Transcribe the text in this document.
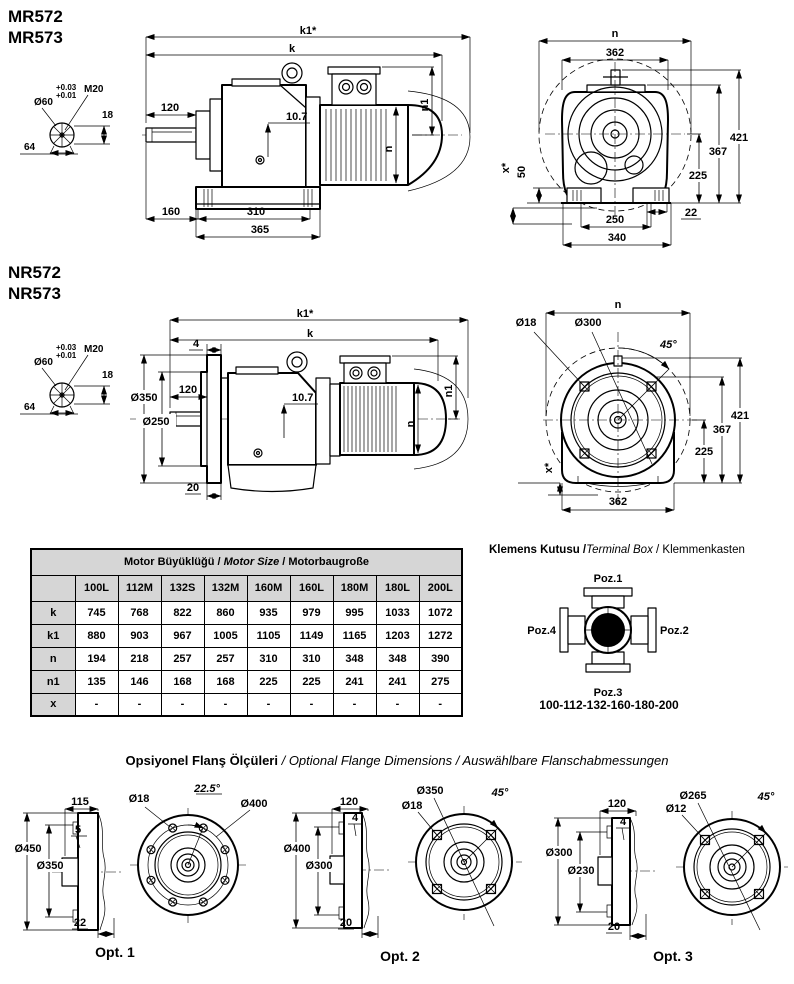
MR572
MR573
Ø60
+0.03
+0.01
M20
18
64
k1*
k
120
10.7
n
n1
160	310
365
n
362
421
367
225
50
x*
22
250
340
NR572
NR573
Ø60
+0.03
+0.01
M20
18
64
k1*
k
4
Ø350
Ø250
120
10.7
n
n1
20
n
Ø18	Ø300
45°
421
367
225
x*
362
Motor Büyüklüğü / Motor Size / Motorbaugroße									
	100L	112M	132S	132M	160M	160L	180M	180L	200L
k	745	768	822	860	935	979	995	1033	1072
k1	880	903	967	1005	1105	1149	1165	1203	1272
n	194	218	257	257	310	310	348	348	390
n1	135	146	168	168	225	225	241	241	275
x	-	-	-	-	-	-	-	-	-
Klemens Kutusu /Terminal Box / Klemmenkasten
Poz.1
Poz.2
Poz.3
Poz.4
100-112-132-160-180-200
Opsiyonel Flanş Ölçüleri / Optional Flange Dimensions / Auswählbare Flanschabmessungen
115
5
Ø450
Ø350
22
Ø18
22.5°
Ø400
Opt. 1
120
4
Ø400
Ø300
20
Ø350
Ø18
45°
Opt. 2
120
4
Ø300
Ø230
20
Ø265
Ø12
45°
Opt. 3
